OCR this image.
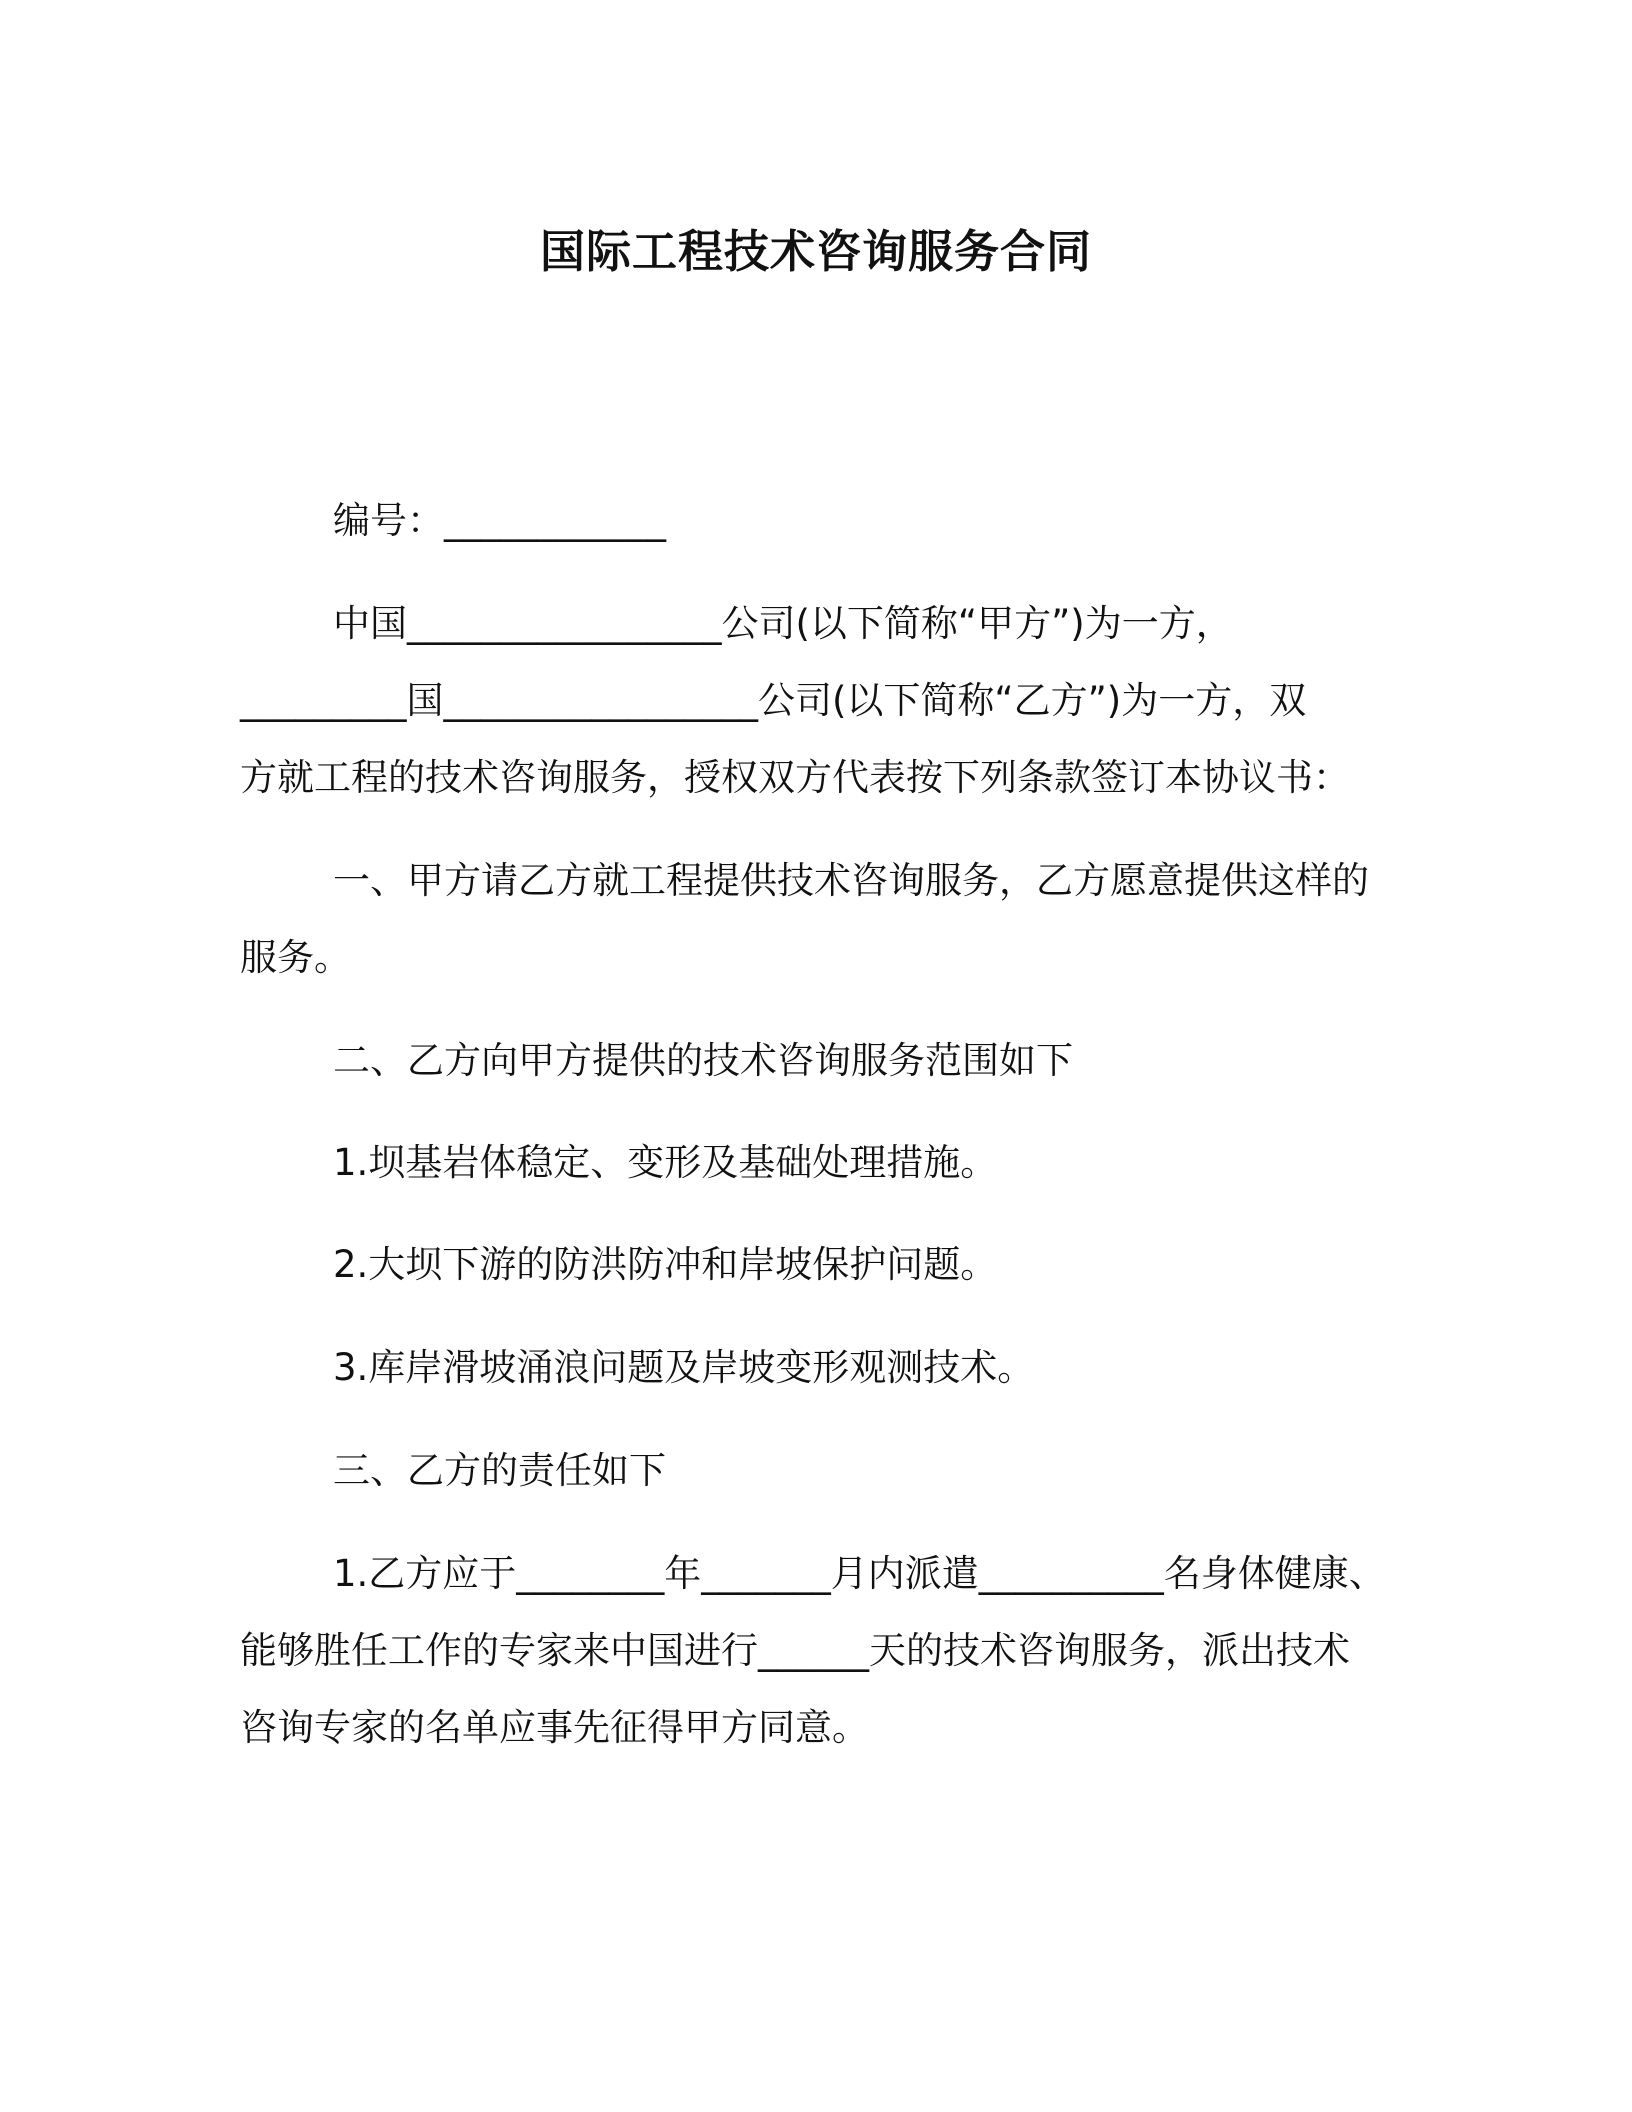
国际工程技术咨询服务合同
编号：____________
中国_________________公司(以下简称“甲方”)为一方，
_________国_________________公司(以下简称“乙方”)为一方，双
方就工程的技术咨询服务，授权双方代表按下列条款签订本协议书：
一、甲方请乙方就工程提供技术咨询服务，乙方愿意提供这样的
服务。
二、乙方向甲方提供的技术咨询服务范围如下
1.坝基岩体稳定、变形及基础处理措施。
2.大坝下游的防洪防冲和岸坡保护问题。
3.库岸滑坡涌浪问题及岸坡变形观测技术。
三、乙方的责任如下
1.乙方应于________年_______月内派遣__________名身体健康、
能够胜任工作的专家来中国进行______天的技术咨询服务，派出技术
咨询专家的名单应事先征得甲方同意。
